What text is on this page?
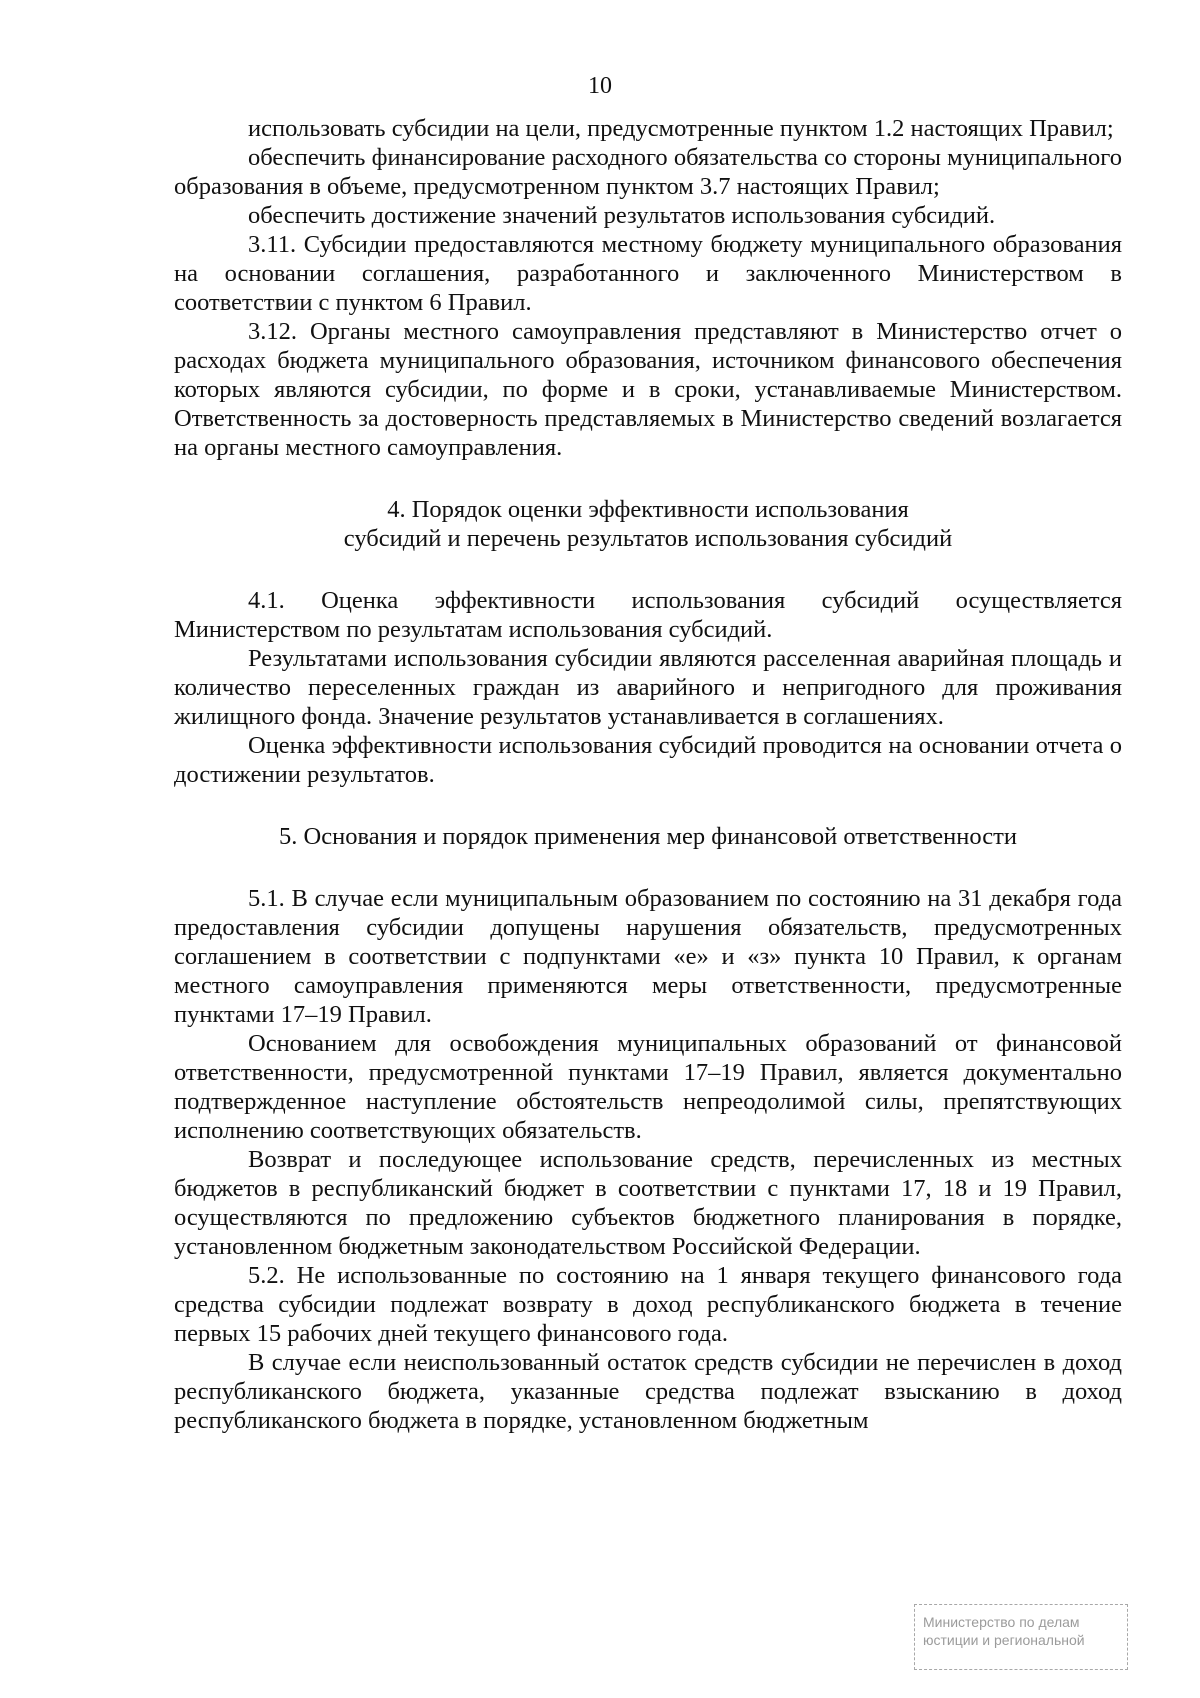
10

использовать субсидии на цели, предусмотренные пунктом 1.2 настоящих Правил;

обеспечить финансирование расходного обязательства со стороны муниципального образования в объеме, предусмотренном пунктом 3.7 настоящих Правил;

обеспечить достижение значений результатов использования субсидий.

3.11. Субсидии предоставляются местному бюджету муниципального образования на основании соглашения, разработанного и заключенного Министерством в соответствии с пунктом 6 Правил.

3.12. Органы местного самоуправления представляют в Министерство отчет о расходах бюджета муниципального образования, источником финансового обеспечения которых являются субсидии, по форме и в сроки, устанавливаемые Министерством. Ответственность за достоверность представляемых в Министерство сведений возлагается на органы местного самоуправления.

4. Порядок оценки эффективности использования

субсидий и перечень результатов использования субсидий

4.1. Оценка эффективности использования субсидий осуществляется Министерством по результатам использования субсидий.

Результатами использования субсидии являются расселенная аварийная площадь и количество переселенных граждан из аварийного и непригодного для проживания жилищного фонда. Значение результатов устанавливается в соглашениях.

Оценка эффективности использования субсидий проводится на основании отчета о достижении результатов.

5. Основания и порядок применения мер финансовой ответственности

5.1. В случае если муниципальным образованием по состоянию на 31 декабря года предоставления субсидии допущены нарушения обязательств, предусмотренных соглашением в соответствии с подпунктами «е» и «з» пункта 10 Правил, к органам местного самоуправления применяются меры ответственности, предусмотренные пунктами 17–19 Правил.

Основанием для освобождения муниципальных образований от финансовой ответственности, предусмотренной пунктами 17–19 Правил, является документально подтвержденное наступление обстоятельств непреодолимой силы, препятствующих исполнению соответствующих обязательств.

Возврат и последующее использование средств, перечисленных из местных бюджетов в республиканский бюджет в соответствии с пунктами 17, 18 и 19 Правил, осуществляются по предложению субъектов бюджетного планирования в порядке, установленном бюджетным законодательством Российской Федерации.

5.2. Не использованные по состоянию на 1 января текущего финансового года средства субсидии подлежат возврату в доход республиканского бюджета в течение первых 15 рабочих дней текущего финансового года.

В случае если неиспользованный остаток средств субсидии не перечислен в доход республиканского бюджета, указанные средства подлежат взысканию в доход республиканского бюджета в порядке, установленном бюджетным

Министерство по делам
юстиции и региональной
